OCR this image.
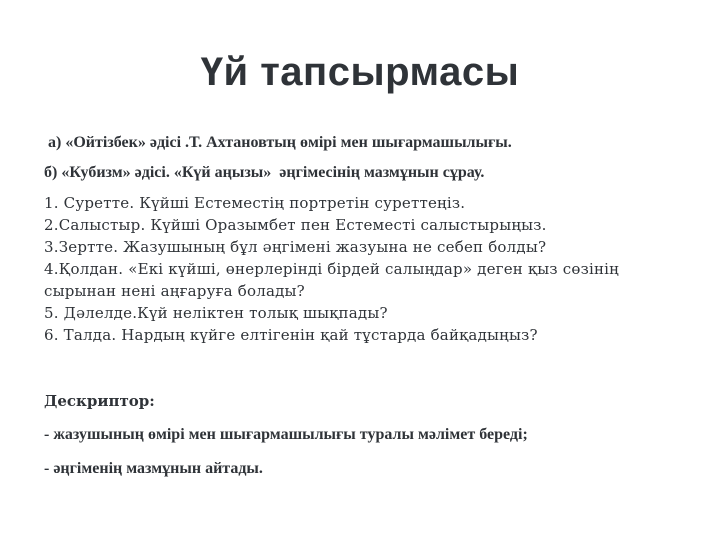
Үй тапсырмасы
а) «Ойтізбек» әдісі .Т. Ахтановтың өмірі мен шығармашылығы.
б) «Кубизм» әдісі. «Күй аңызы»  әңгімесінің мазмұнын сұрау.
1. Суретте. Күйші Естеместің портретін суреттеңіз.
2.Салыстыр. Күйші Оразымбет пен Естеместі салыстырыңыз.
3.Зертте. Жазушының бұл әңгімені жазуына не себеп болды?
4.Қолдан. «Екі күйші, өнерлерінді бірдей салыңдар» деген қыз сөзінің
сырынан нені аңғаруға болады?
5. Дәлелде.Күй неліктен толық шықпады?
6. Талда. Нардың күйге елтігенін қай тұстарда байқадыңыз?
Дескриптор:
- жазушының өмірі мен шығармашылығы туралы мәлімет береді;
- әңгіменің мазмұнын айтады.
